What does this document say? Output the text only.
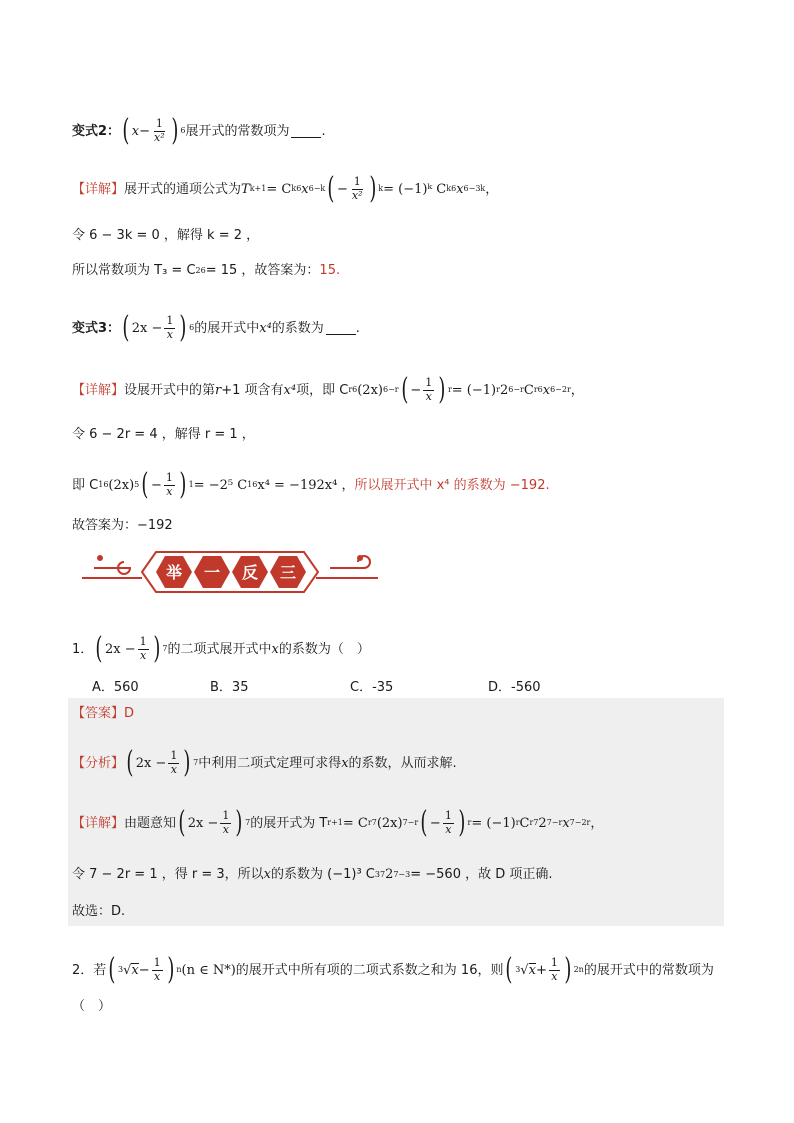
变式2： ( $x - \frac{1}{\text{x²}}$ ) 6 展开式的常数项为 .
【详解】 展开式的通项公式为 T k+1 = C k 6 x 6−k ( − $\frac{1}{\text{x²}}$ ) k = (−1)ᵏ C k 6 x 6−3k ，
令 6 − 3k = 0 ，解得 k = 2 ，
所以常数项为 T₃ = C 2 6 = 15 ，故答案为： 15.
变式3： ( $2x - \frac{1}{x}$ ) 6 的展开式中 x⁴ 的系数为 .
【详解】 设展开式中的第 r +1 项含有 x⁴ 项，即 C r 6 (2x) 6−r ( − $\frac{1}{x}$ ) r = (−1) r 2 6−r C r 6 x 6−2r ，
令 6 − 2r = 4 ，解得 r = 1 ，
即 C 1 6 (2x) 5 ( − $\frac{1}{x}$ ) 1 = −2⁵ C 1 6 x⁴ = −192x⁴ ， 所以展开式中 x⁴ 的系数为 −192.
故答案为：−192
举 一 反 三
1． ( $2x - \frac{1}{x}$ ) 7 的二项式展开式中 x 的系数为（　）
A．560	B．35	C．-35	D．-560
【答案】 D
【分析】 ( $2x - \frac{1}{x}$ ) 7 中利用二项式定理可求得 x 的系数，从而求解.
【详解】 由题意知 ( $2x - \frac{1}{x}$ ) 7 的展开式为 T r+1 = C r 7 (2x) 7−r ( − $\frac{1}{x}$ ) r = (−1) r C r 7 2 7−r x 7−2r ，
令 7 − 2r = 1 ，得 r = 3，所以 x 的系数为 (−1)³ C 3 7 2 7−3 = −560 ，故 D 项正确.
故选：D.
2．若 ( 3 √ $x - \frac{1}{x}$ ) n (n ∈ N*) 的展开式中所有项的二项式系数之和为 16，则 ( 3 √ $x + \frac{1}{x}$ ) 2n 的展开式中的常数项为
（　）
